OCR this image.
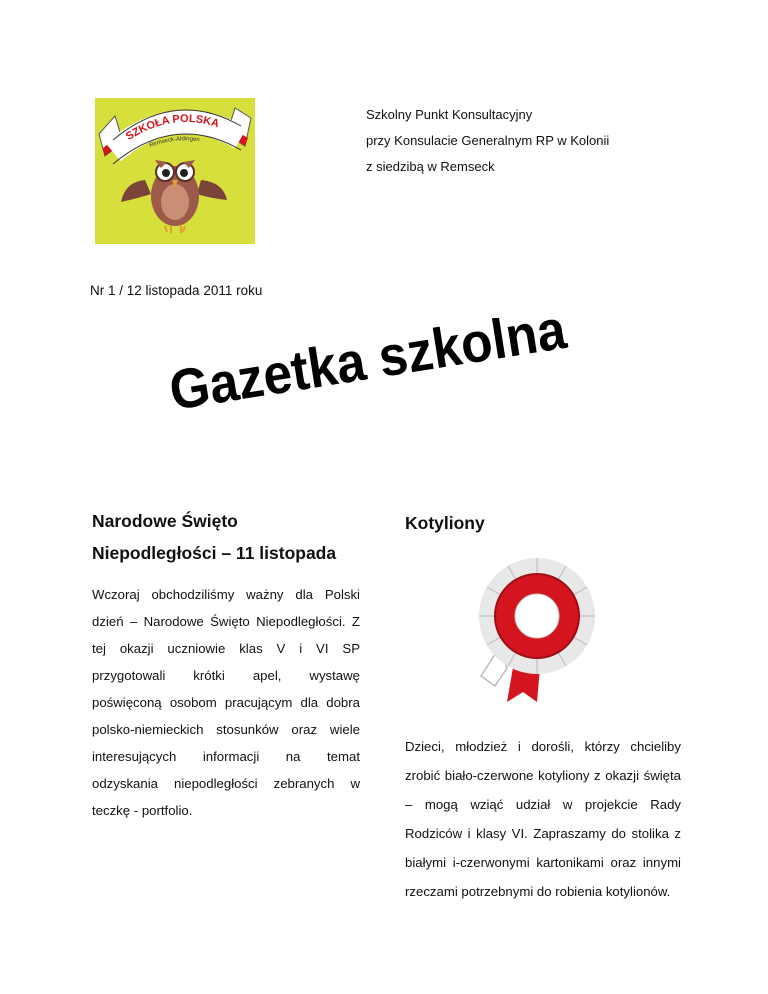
SZKOŁA POLSKA
Remseck-Aldingen
Szkolny Punkt Konsultacyjny
przy Konsulacie Generalnym RP w Kolonii
z siedzibą w Remseck
Nr 1 / 12 listopada 2011 roku
Gazetka szkolna
Narodowe Święto
Niepodległości – 11 listopada
Wczoraj obchodziliśmy ważny dla Polski dzień – Narodowe Święto Niepodległości. Z tej okazji uczniowie klas V i VI SP przygotowali krótki apel, wystawę poświęconą osobom pracującym dla dobra polsko-niemieckich stosunków oraz wiele interesujących informacji na temat odzyskania niepodległości zebranych w teczkę - portfolio.
Kotyliony
Dzieci, młodzież i dorośli, którzy chcieliby zrobić biało-czerwone kotyliony z okazji święta – mogą wziąć udział w projekcie Rady Rodziców i klasy VI. Zapraszamy do stolika z białymi i-czerwonymi kartonikami oraz innymi rzeczami potrzebnymi do robienia kotylionów.
